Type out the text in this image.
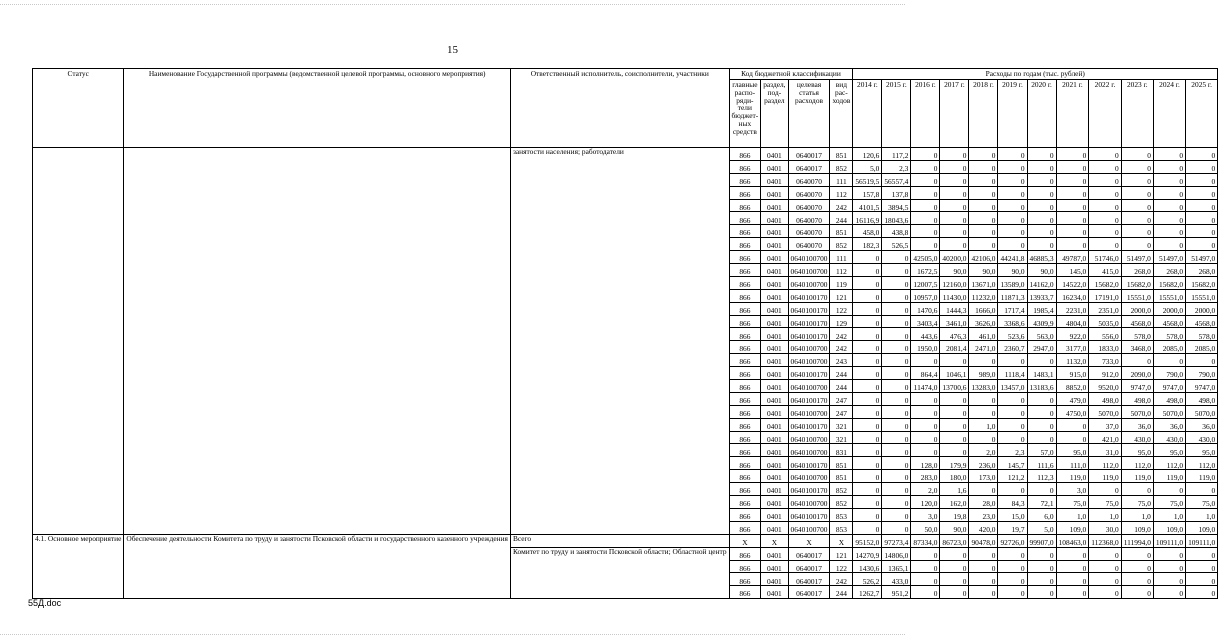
15
Статус	Наименование Государственной программы (ведомственной целевой программы, основного мероприятия)	Ответственный исполнитель, соисполнители, участники	Код бюджетной классификации				Расходы по годам (тыс. рублей)											
			главные распо-ряди-тели бюджет-ных средств	раздел, под-раздел	целевая статья расходов	вид рас-ходов	2014 г.	2015 г.	2016 г.	2017 г.	2018 г.	2019 г.	2020 г.	2021 г.	2022 г.	2023 г.	2024 г.	2025 г.
		занятости населения; работодатели	866	0401	0640017	851	120,6	117,2	0	0	0	0	0	0	0	0	0	0
			866	0401	0640017	852	5,0	2,3	0	0	0	0	0	0	0	0	0	0
			866	0401	0640070	111	56519,5	56557,4	0	0	0	0	0	0	0	0	0	0
			866	0401	0640070	112	157,8	137,8	0	0	0	0	0	0	0	0	0	0
			866	0401	0640070	242	4101,5	3894,5	0	0	0	0	0	0	0	0	0	0
			866	0401	0640070	244	16116,9	18043,6	0	0	0	0	0	0	0	0	0	0
			866	0401	0640070	851	458,0	438,8	0	0	0	0	0	0	0	0	0	0
			866	0401	0640070	852	182,3	526,5	0	0	0	0	0	0	0	0	0	0
			866	0401	0640100700	111	0	0	42505,0	40200,0	42106,0	44241,8	46885,3	49787,0	51746,0	51497,0	51497,0	51497,0
			866	0401	0640100700	112	0	0	1672,5	90,0	90,0	90,0	90,0	145,0	415,0	268,0	268,0	268,0
			866	0401	0640100700	119	0	0	12007,5	12160,0	13671,0	13589,0	14162,0	14522,0	15682,0	15682,0	15682,0	15682,0
			866	0401	0640100170	121	0	0	10957,0	11430,0	11232,0	11871,3	13933,7	16234,0	17191,0	15551,0	15551,0	15551,0
			866	0401	0640100170	122	0	0	1470,6	1444,3	1666,0	1717,4	1985,4	2231,0	2351,0	2000,0	2000,0	2000,0
			866	0401	0640100170	129	0	0	3403,4	3461,0	3626,0	3368,6	4309,9	4804,0	5035,0	4568,0	4568,0	4568,0
			866	0401	0640100170	242	0	0	443,6	476,3	461,0	523,6	563,0	922,0	556,0	578,0	578,0	578,0
			866	0401	0640100700	242	0	0	1950,0	2081,4	2471,0	2360,7	2947,0	3177,0	1833,0	3468,0	2085,0	2085,0
			866	0401	0640100700	243	0	0	0	0	0	0	0	1132,0	733,0	0	0	0
			866	0401	0640100170	244	0	0	864,4	1046,1	989,0	1118,4	1483,1	915,0	912,0	2090,0	790,0	790,0
			866	0401	0640100700	244	0	0	11474,0	13700,6	13283,0	13457,0	13183,6	8852,0	9520,0	9747,0	9747,0	9747,0
			866	0401	0640100170	247	0	0	0	0	0	0	0	479,0	498,0	498,0	498,0	498,0
			866	0401	0640100700	247	0	0	0	0	0	0	0	4750,0	5070,0	5070,0	5070,0	5070,0
			866	0401	0640100170	321	0	0	0	0	1,0	0	0	0	37,0	36,0	36,0	36,0
			866	0401	0640100700	321	0	0	0	0	0	0	0	0	421,0	430,0	430,0	430,0
			866	0401	0640100700	831	0	0	0	0	2,0	2,3	57,0	95,0	31,0	95,0	95,0	95,0
			866	0401	0640100170	851	0	0	128,0	179,9	236,0	145,7	111,6	111,0	112,0	112,0	112,0	112,0
			866	0401	0640100700	851	0	0	283,0	180,0	173,0	121,2	112,3	119,0	119,0	119,0	119,0	119,0
			866	0401	0640100170	852	0	0	2,0	1,6	0	0	0	3,0	0	0	0	0
			866	0401	0640100700	852	0	0	120,0	162,0	28,0	84,3	72,1	75,0	75,0	75,0	75,0	75,0
			866	0401	0640100170	853	0	0	3,0	19,8	23,0	15,0	6,0	1,0	1,0	1,0	1,0	1,0
			866	0401	0640100700	853	0	0	50,0	90,0	420,0	19,7	5,0	109,0	30,0	109,0	109,0	109,0
4.1. Основное мероприятие	Обеспечение деятельности Комитета по труду и занятости Псковской области и государственного казенного учреждения	Всего	X	X	X	X	95152,0	97273,4	87334,0	86723,0	90478,0	92726,0	99907,0	108463,0	112368,0	111994,0	109111,0	109111,0
		Комитет по труду и занятости Псковской области; Областной центр	866	0401	0640017	121	14270,9	14806,0	0	0	0	0	0	0	0	0	0	0
			866	0401	0640017	122	1430,6	1365,1	0	0	0	0	0	0	0	0	0	0
			866	0401	0640017	242	526,2	433,0	0	0	0	0	0	0	0	0	0	0
			866	0401	0640017	244	1262,7	951,2	0	0	0	0	0	0	0	0	0	0
55Д.doc
